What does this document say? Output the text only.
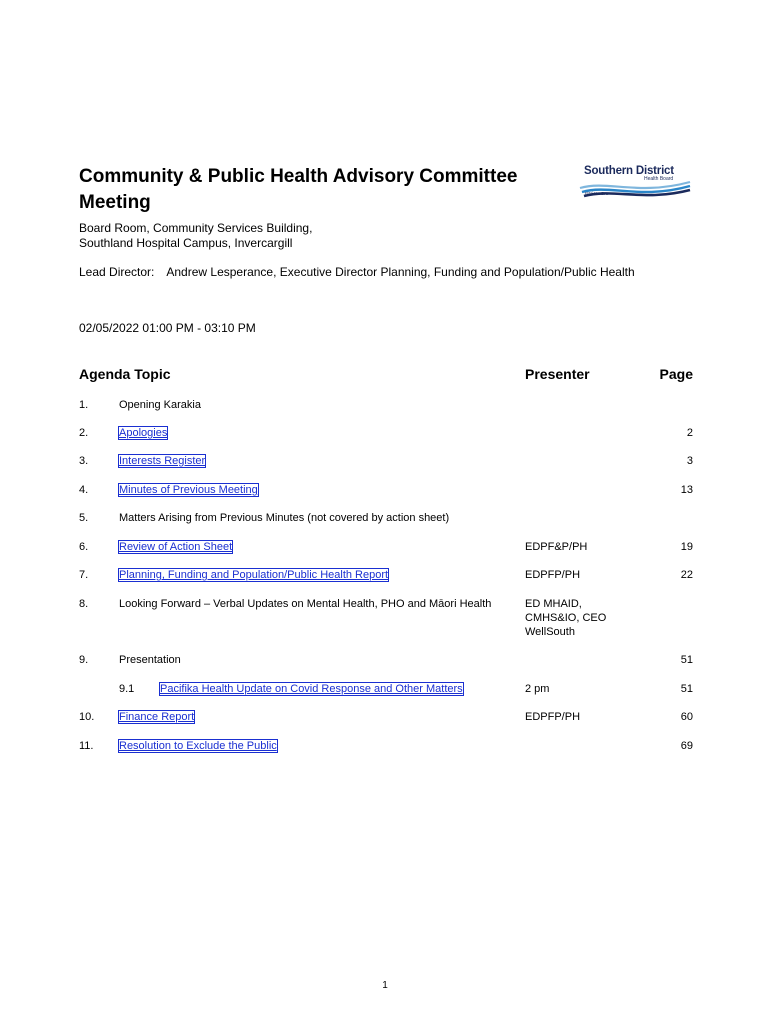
Community & Public Health Advisory Committee Meeting
Southern District
Health Board
Pāti Ka Ora
Board Room, Community Services Building,
Southland Hospital Campus, Invercargill
Lead Director: Andrew Lesperance, Executive Director Planning, Funding and Population/Public Health
02/05/2022 01:00 PM - 03:10 PM
Agenda Topic	Presenter	Page
1.	Opening Karakia
2.	Apologies	2
3.	Interests Register	3
4.	Minutes of Previous Meeting	13
5.	Matters Arising from Previous Minutes (not covered by action sheet)
6.	Review of Action Sheet	EDPF&P/PH	19
7.	Planning, Funding and Population/Public Health Report	EDPFP/PH	22
8.	Looking Forward – Verbal Updates on Mental Health, PHO and Māori Health	ED MHAID, CMHS&IO, CEO WellSouth
9.	Presentation	51
9.1 Pacifika Health Update on Covid Response and Other Matters	2 pm	51
10. Finance Report	EDPFP/PH	60
11. Resolution to Exclude the Public	69
1
